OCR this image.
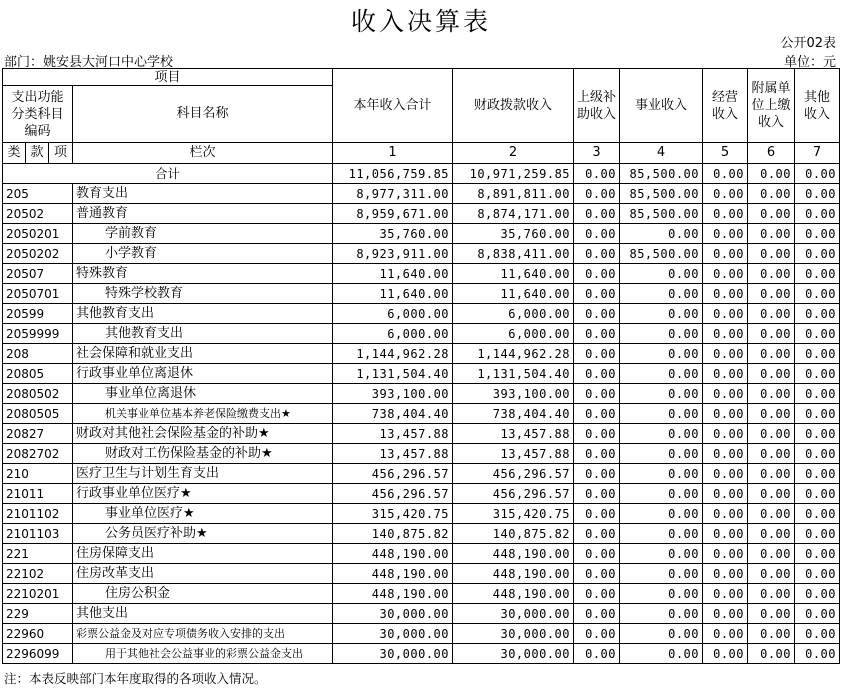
收入决算表
公开02表
部门：姚安县大河口中心学校	单位：元
项目				本年收入合计	财政拨款收入	上级补助收入	事业收入	经营收入	附属单位上缴收入	其他收入
支出功能分类科目编码			科目名称							
类	款	项								
			栏次	1	2	3	4	5	6	7
合计				11,056,759.85	10,971,259.85	0.00	85,500.00	0.00	0.00	0.00
205			教育支出	8,977,311.00	8,891,811.00	0.00	85,500.00	0.00	0.00	0.00
20502			普通教育	8,959,671.00	8,874,171.00	0.00	85,500.00	0.00	0.00	0.00
2050201			学前教育	35,760.00	35,760.00	0.00	0.00	0.00	0.00	0.00
2050202			小学教育	8,923,911.00	8,838,411.00	0.00	85,500.00	0.00	0.00	0.00
20507			特殊教育	11,640.00	11,640.00	0.00	0.00	0.00	0.00	0.00
2050701			特殊学校教育	11,640.00	11,640.00	0.00	0.00	0.00	0.00	0.00
20599			其他教育支出	6,000.00	6,000.00	0.00	0.00	0.00	0.00	0.00
2059999			其他教育支出	6,000.00	6,000.00	0.00	0.00	0.00	0.00	0.00
208			社会保障和就业支出	1,144,962.28	1,144,962.28	0.00	0.00	0.00	0.00	0.00
20805			行政事业单位离退休	1,131,504.40	1,131,504.40	0.00	0.00	0.00	0.00	0.00
2080502			事业单位离退休	393,100.00	393,100.00	0.00	0.00	0.00	0.00	0.00
2080505			机关事业单位基本养老保险缴费支出★	738,404.40	738,404.40	0.00	0.00	0.00	0.00	0.00
20827			财政对其他社会保险基金的补助★	13,457.88	13,457.88	0.00	0.00	0.00	0.00	0.00
2082702			财政对工伤保险基金的补助★	13,457.88	13,457.88	0.00	0.00	0.00	0.00	0.00
210			医疗卫生与计划生育支出	456,296.57	456,296.57	0.00	0.00	0.00	0.00	0.00
21011			行政事业单位医疗★	456,296.57	456,296.57	0.00	0.00	0.00	0.00	0.00
2101102			事业单位医疗★	315,420.75	315,420.75	0.00	0.00	0.00	0.00	0.00
2101103			公务员医疗补助★	140,875.82	140,875.82	0.00	0.00	0.00	0.00	0.00
221			住房保障支出	448,190.00	448,190.00	0.00	0.00	0.00	0.00	0.00
22102			住房改革支出	448,190.00	448,190.00	0.00	0.00	0.00	0.00	0.00
2210201			住房公积金	448,190.00	448,190.00	0.00	0.00	0.00	0.00	0.00
229			其他支出	30,000.00	30,000.00	0.00	0.00	0.00	0.00	0.00
22960			彩票公益金及对应专项债务收入安排的支出	30,000.00	30,000.00	0.00	0.00	0.00	0.00	0.00
2296099			用于其他社会公益事业的彩票公益金支出	30,000.00	30,000.00	0.00	0.00	0.00	0.00	0.00
注：本表反映部门本年度取得的各项收入情况。
